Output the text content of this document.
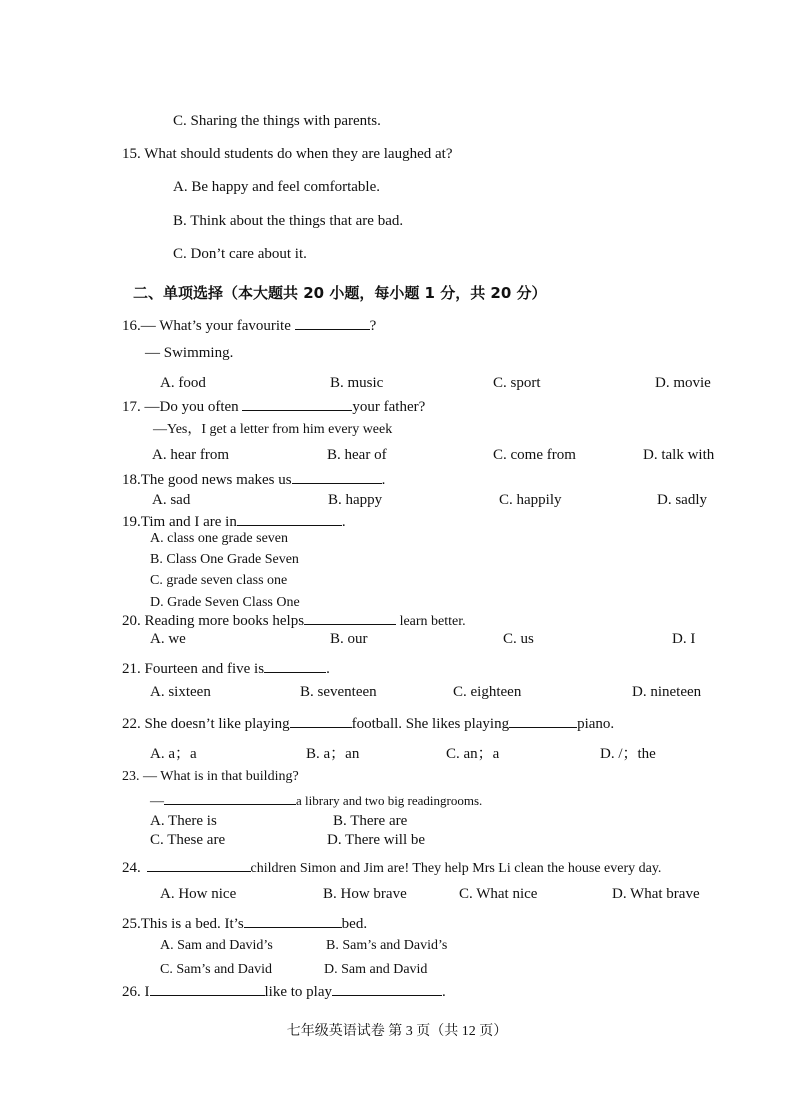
C. Sharing the things with parents.
15. What should students do when they are laughed at?
A. Be happy and feel comfortable.
B. Think about the things that are bad.
C. Don’t care about it.
二、单项选择（本大题共 20 小题，每小题 1 分，共 20 分）
16.— What’s your favourite	?
— Swimming.
A. food	B. music	C. sport	D. movie
17. —Do you often	your father?
—Yes，I get a letter from him every week
A. hear from	B. hear of	C. come from	D. talk with
18.The good news makes us	.
A. sad	B. happy	C. happily	D. sadly
19.Tim and I are in	.
A. class one grade seven
B. Class One Grade Seven
C. grade seven class one
D. Grade Seven Class One
20. Reading more books helps	learn better.
A. we	B. our	C. us	D. I
21. Fourteen and five is	.
A. sixteen	B. seventeen	C. eighteen	D. nineteen
22. She doesn’t like playing	football. She likes playing	piano.
A. a；a	B. a；an	C. an；a	D. /；the
23. — What is in that building?
—	a library and two big readingrooms.
A. There is	B. There are
C. These are	D. There will be
24.	children Simon and Jim are! They help Mrs Li clean the house every day.
A. How nice	B. How brave	C. What nice	D. What brave
25.This is a bed. It’s	bed.
A. Sam and David’s	B. Sam’s and David’s
C. Sam’s and David	D. Sam and David
26. I	like to play	.
七年级英语试卷 第 3 页（共 12 页）
